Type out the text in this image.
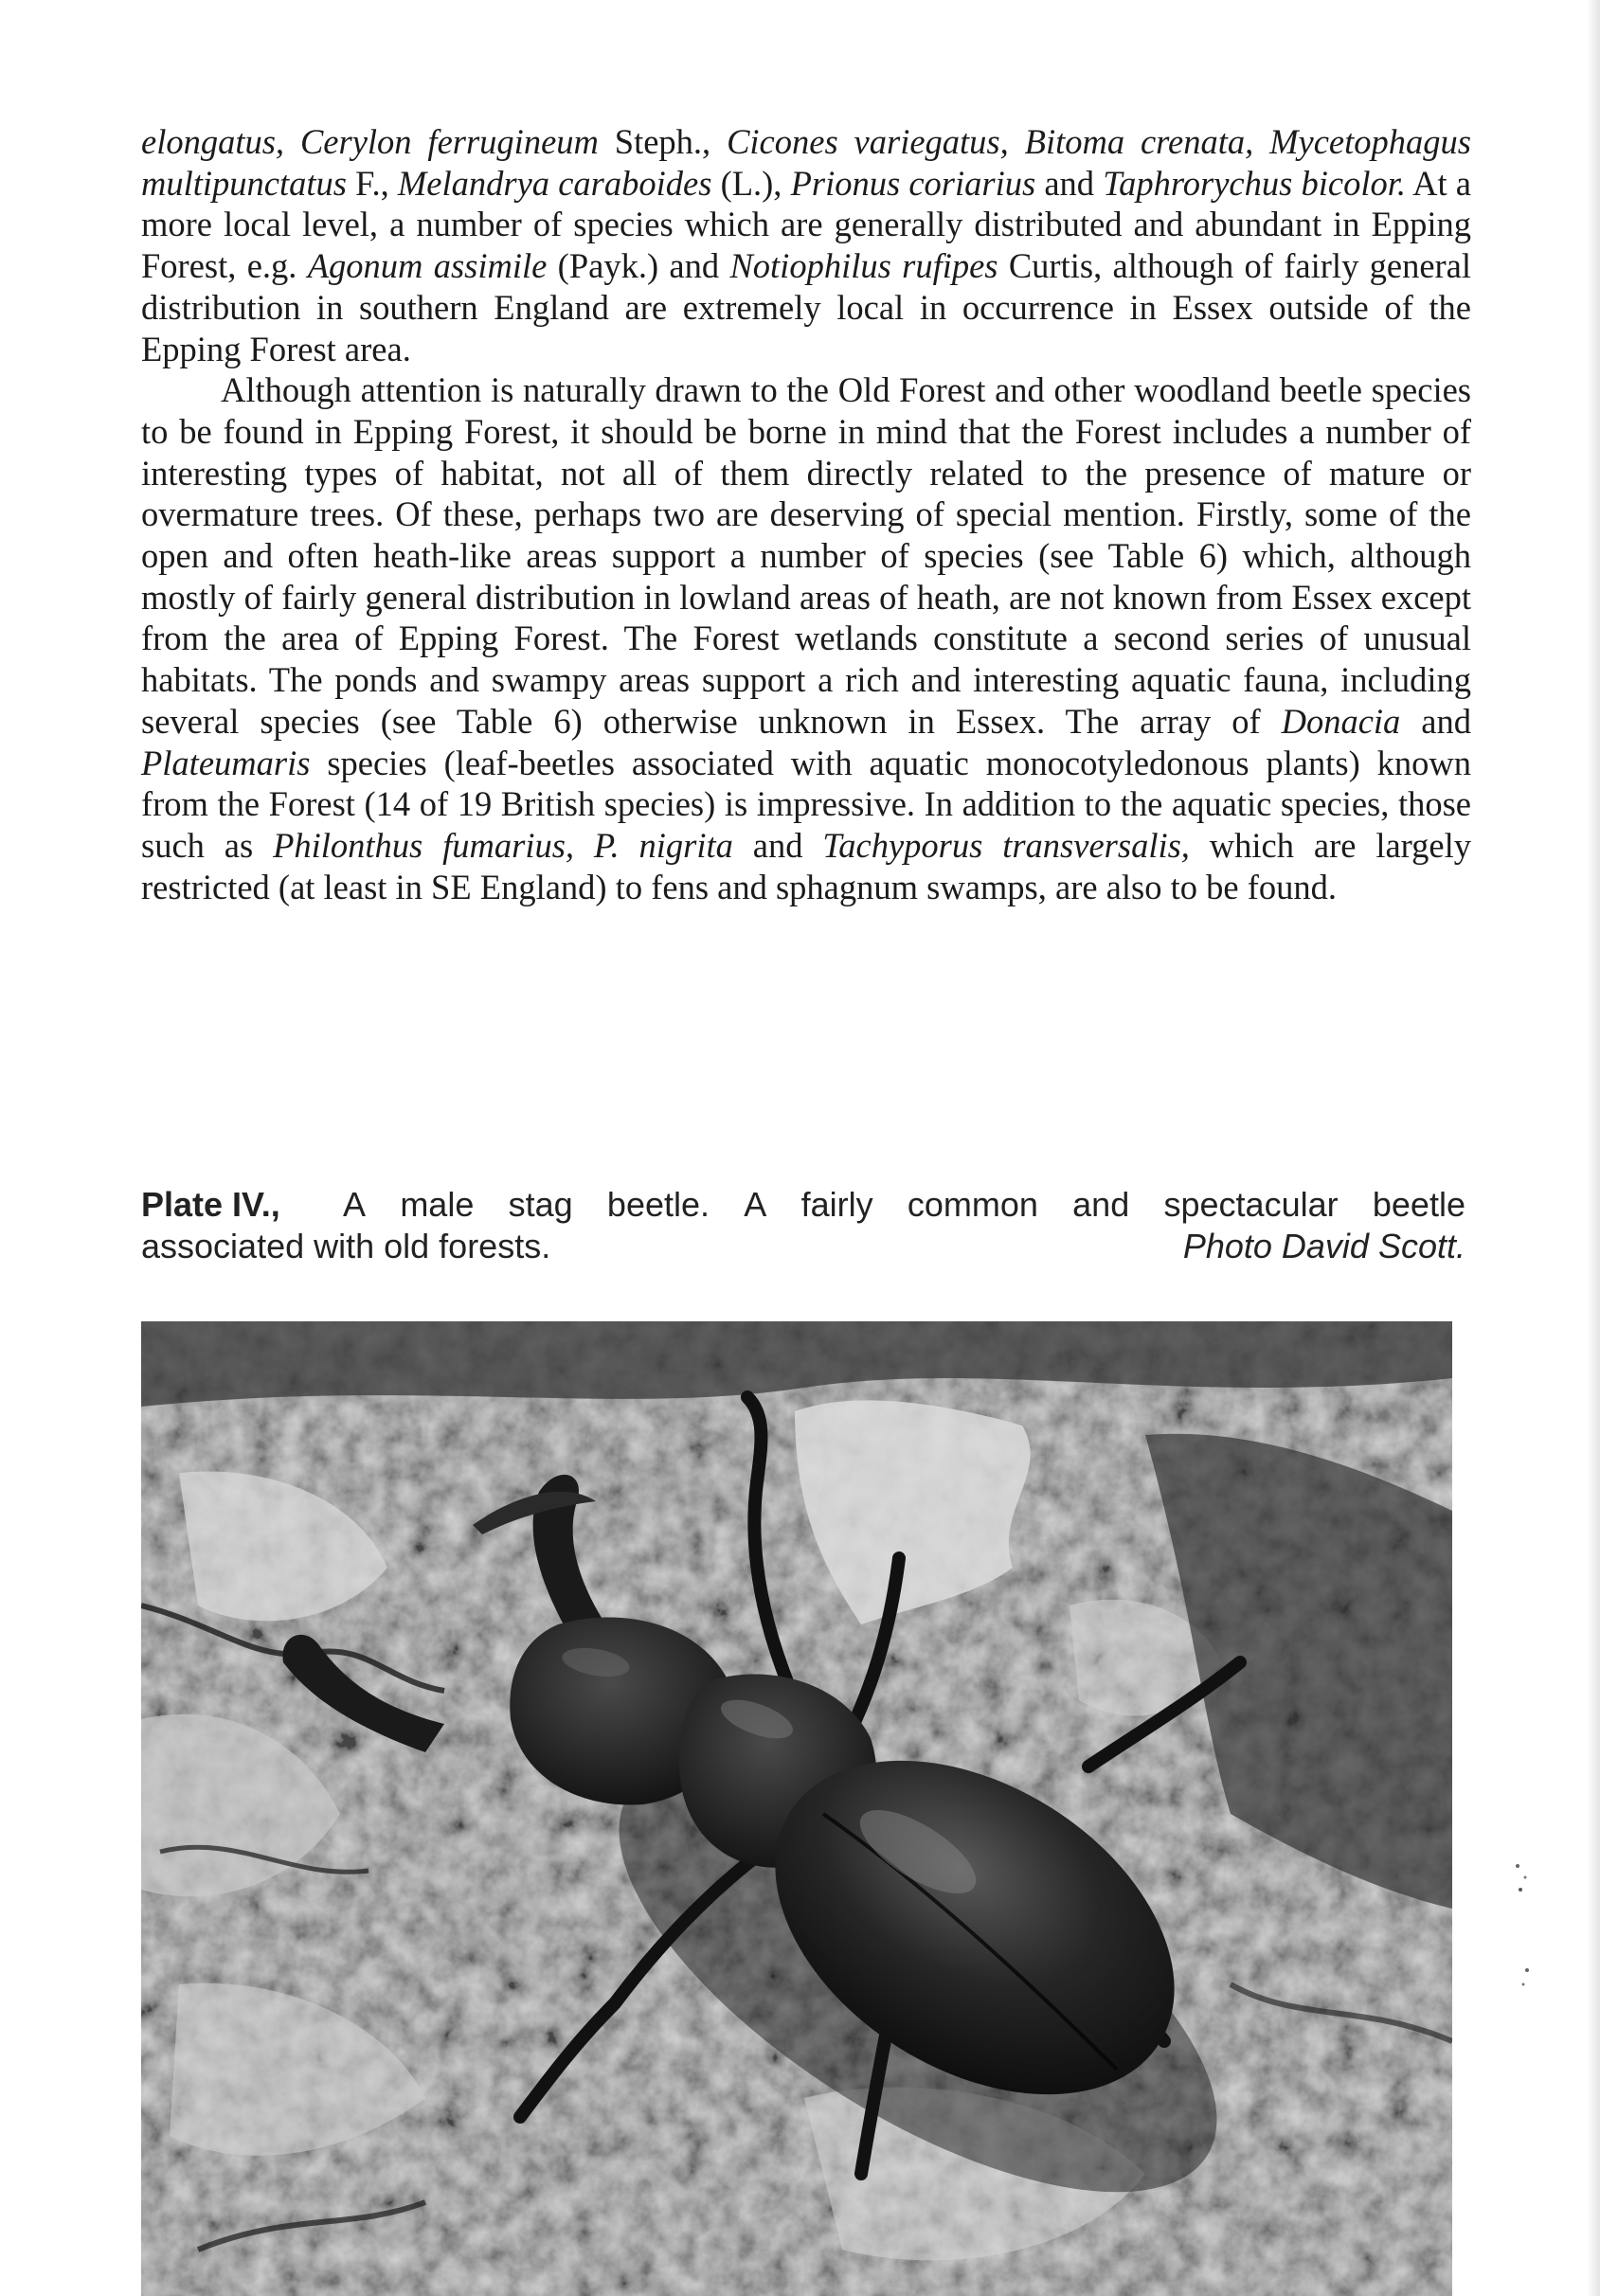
elongatus, Cerylon ferrugineum Steph., Cicones variegatus, Bitoma crenata, Mycetophagus multipunctatus F., Melandrya caraboides (L.), Prionus coriarius and Taphrorychus bicolor. At a more local level, a number of species which are generally distributed and abundant in Epping Forest, e.g. Agonum assimile (Payk.) and Notiophilus rufipes Curtis, although of fairly general distribution in southern England are extremely local in occurrence in Essex outside of the Epping Forest area.

Although attention is naturally drawn to the Old Forest and other woodland beetle species to be found in Epping Forest, it should be borne in mind that the Forest includes a number of interesting types of habitat, not all of them directly related to the presence of mature or overmature trees. Of these, perhaps two are deserving of special mention. Firstly, some of the open and often heath-like areas support a number of species (see Table 6) which, although mostly of fairly general distribution in lowland areas of heath, are not known from Essex except from the area of Epping Forest. The Forest wetlands constitute a second series of unusual habitats. The ponds and swampy areas support a rich and interesting aquatic fauna, including several species (see Table 6) otherwise unknown in Essex. The array of Donacia and Plateumaris species (leaf-beetles associated with aquatic monocotyledonous plants) known from the Forest (14 of 19 British species) is impressive. In addition to the aquatic species, those such as Philonthus fumarius, P. nigrita and Tachyporus transversalis, which are largely restricted (at least in SE England) to fens and sphagnum swamps, are also to be found.

Plate IV., A male stag beetle. A fairly common and spectacular beetle
associated with old forests.	Photo David Scott.
